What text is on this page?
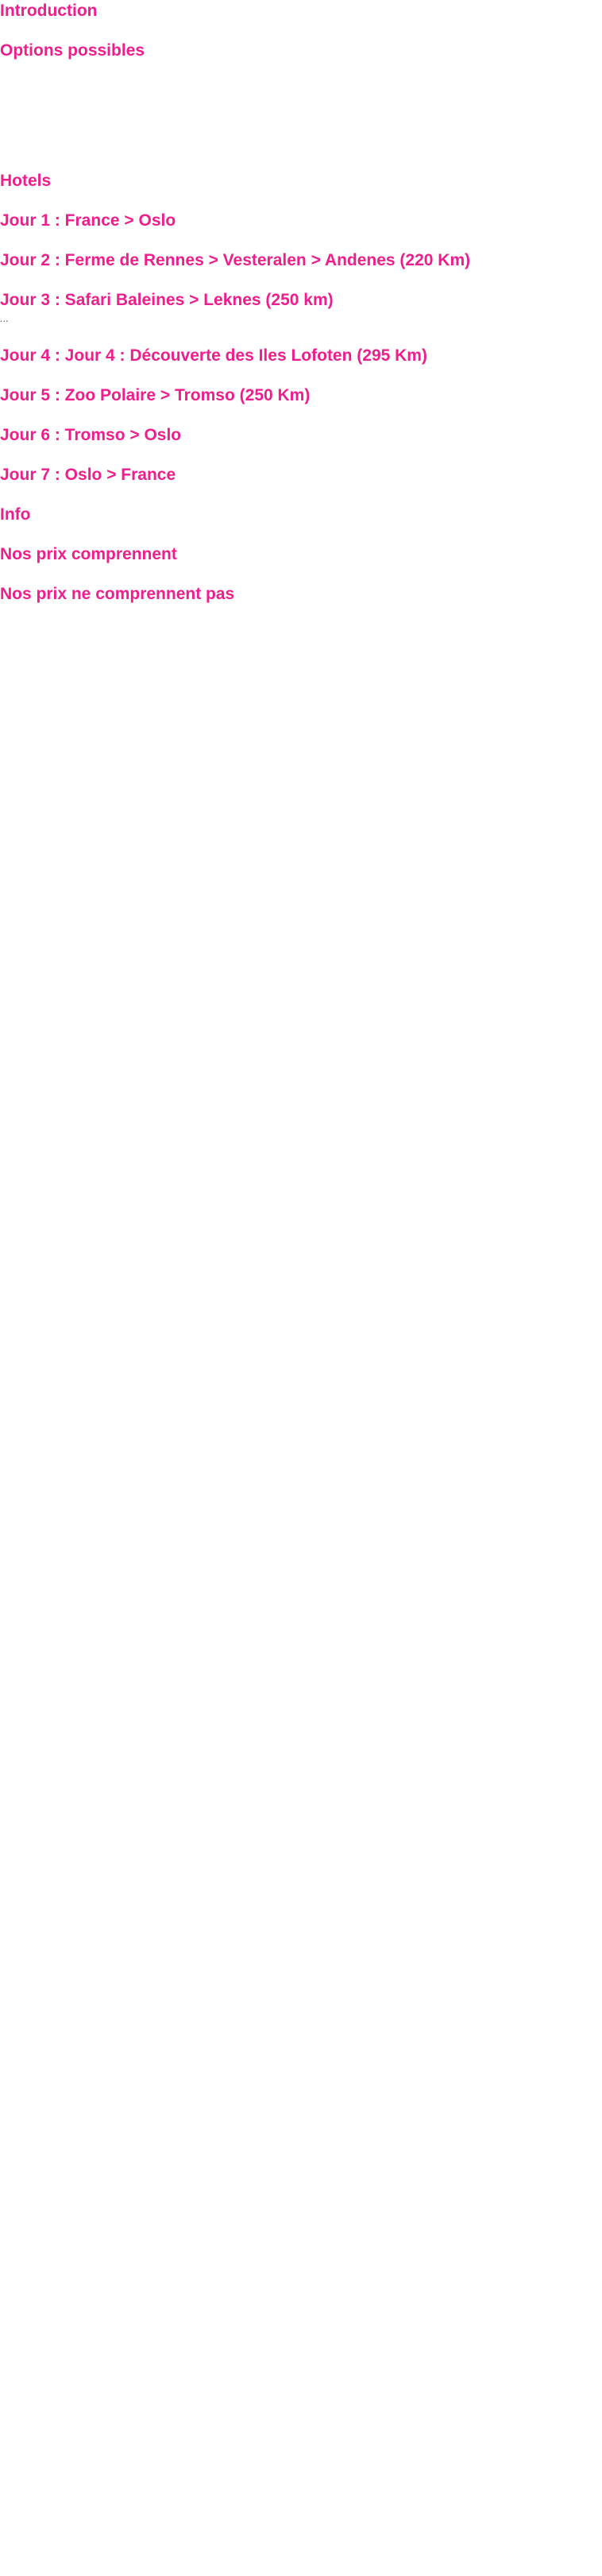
Introduction

Options possibles

Hotels

Jour 1 : France > Oslo

Jour 2 : Ferme de Rennes > Vesteralen > Andenes (220 Km)

Jour 3 : Safari Baleines > Leknes (250 km)

…

Jour 4 : Jour 4 : Découverte des Iles Lofoten (295 Km)

Jour 5 : Zoo Polaire > Tromso (250 Km)

Jour 6 : Tromso > Oslo

Jour 7 : Oslo > France

Info

Nos prix comprennent

Nos prix ne comprennent pas
